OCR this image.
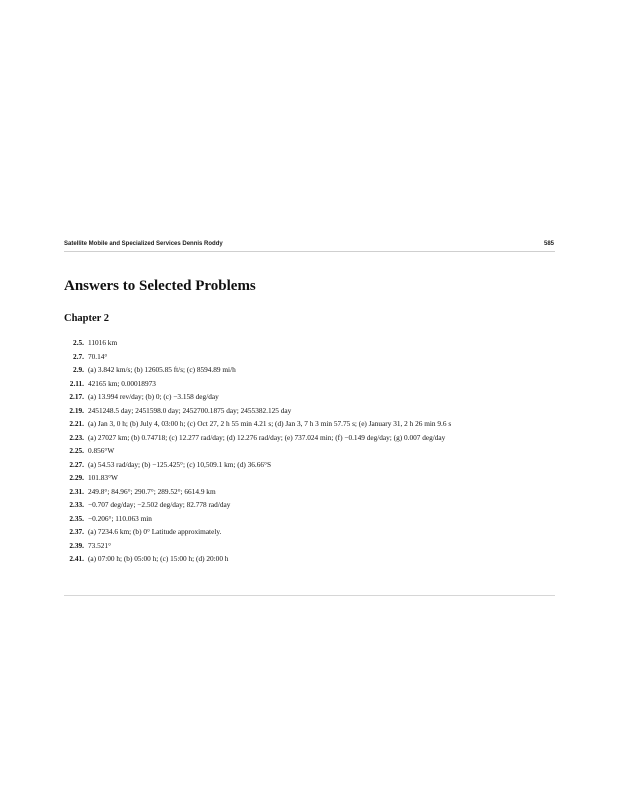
Satellite Mobile and Specialized Services Dennis Roddy	585
Answers to Selected Problems
Chapter 2
2.5. 11016 km
2.7. 70.14°
2.9. (a) 3.842 km/s; (b) 12605.85 ft/s; (c) 8594.89 mi/h
2.11. 42165 km; 0.00018973
2.17. (a) 13.994 rev/day; (b) 0; (c) −3.158 deg/day
2.19. 2451248.5 day; 2451598.0 day; 2452700.1875 day; 2455382.125 day
2.21. (a) Jan 3, 0 h; (b) July 4, 03:00 h; (c) Oct 27, 2 h 55 min 4.21 s; (d) Jan 3, 7 h 3 min 57.75 s; (e) January 31, 2 h 26 min 9.6 s
2.23. (a) 27027 km; (b) 0.74718; (c) 12.277 rad/day; (d) 12.276 rad/day; (e) 737.024 min; (f) −0.149 deg/day; (g) 0.007 deg/day
2.25. 0.856°W
2.27. (a) 54.53 rad/day; (b) −125.425°; (c) 10,509.1 km; (d) 36.66°S
2.29. 101.83°W
2.31. 249.8°; 84.96°; 290.7°; 289.52°; 6614.9 km
2.33. −0.707 deg/day; −2.502 deg/day; 82.778 rad/day
2.35. −0.206°; 110.063 min
2.37. (a) 7234.6 km; (b) 0° Latitude approximately.
2.39. 73.521°
2.41. (a) 07:00 h; (b) 05:00 h; (c) 15:00 h; (d) 20:00 h
